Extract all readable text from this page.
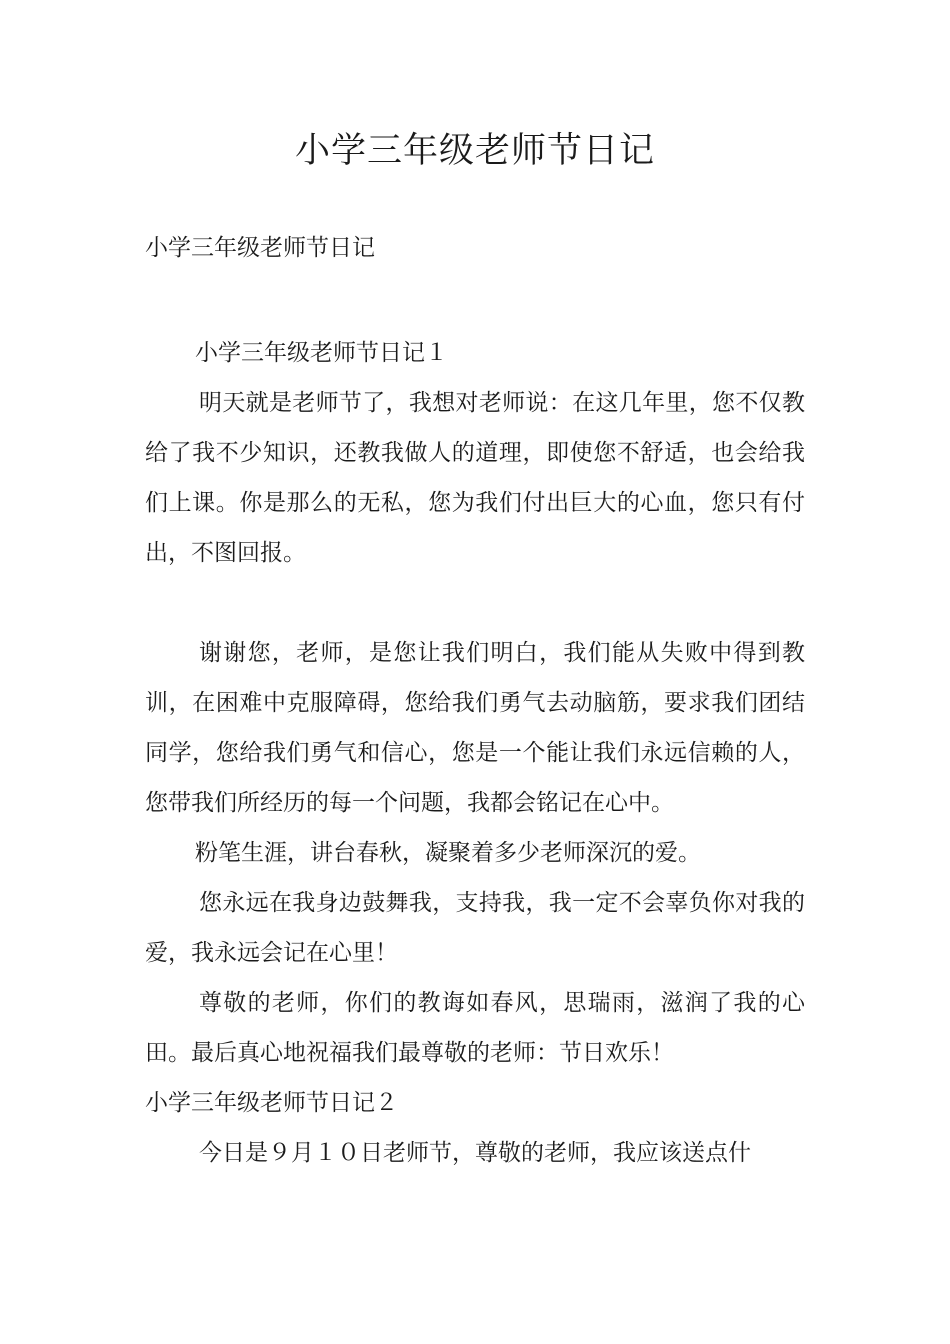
小学三年级老师节日记
小学三年级老师节日记

小学三年级老师节日记１

明天就是老师节了，我想对老师说：在这几年里，您不仅教给了我不少知识，还教我做人的道理，即使您不舒适，也会给我们上课。你是那么的无私，您为我们付出巨大的心血，您只有付出，不图回报。

谢谢您，老师，是您让我们明白，我们能从失败中得到教训，在困难中克服障碍，您给我们勇气去动脑筋，要求我们团结同学，您给我们勇气和信心，您是一个能让我们永远信赖的人，您带我们所经历的每一个问题，我都会铭记在心中。

粉笔生涯，讲台春秋，凝聚着多少老师深沉的爱。

您永远在我身边鼓舞我，支持我，我一定不会辜负你对我的爱，我永远会记在心里！

尊敬的老师，你们的教诲如春风，思瑞雨，滋润了我的心田。最后真心地祝福我们最尊敬的老师：节日欢乐！

小学三年级老师节日记２

今日是９月１０日老师节，尊敬的老师，我应该送点什
